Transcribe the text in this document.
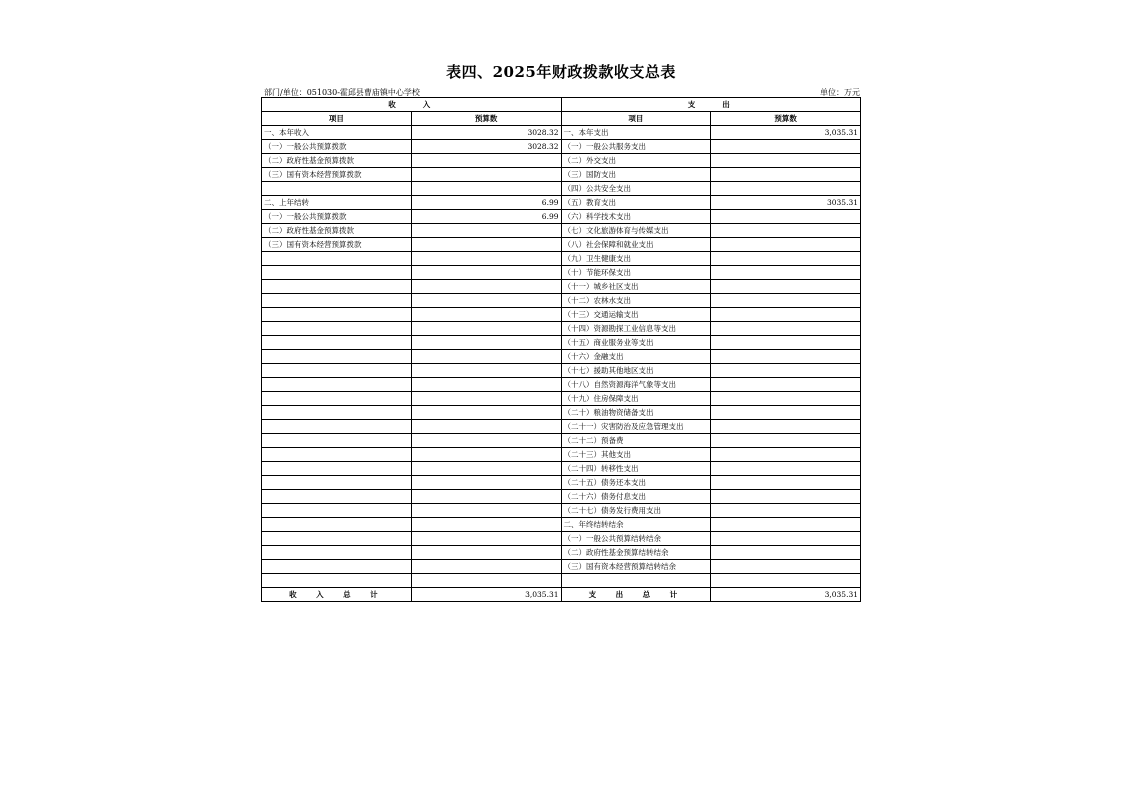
表四、2025年财政拨款收支总表
部门/单位：051030-霍邱县曹庙镇中心学校	单位：万元
收　　入		支　　出	
项目	预算数	项目	预算数
一、本年收入	3028.32	一、本年支出	3,035.31
（一）一般公共预算拨款	3028.32	（一）一般公共服务支出	
（二）政府性基金预算拨款		（二）外交支出	
（三）国有资本经营预算拨款		（三）国防支出	
		（四）公共安全支出	
二、上年结转	6.99	（五）教育支出	3035.31
（一）一般公共预算拨款	6.99	（六）科学技术支出	
（二）政府性基金预算拨款		（七）文化旅游体育与传媒支出	
（三）国有资本经营预算拨款		（八）社会保障和就业支出	
		（九）卫生健康支出	
		（十）节能环保支出	
		（十一）城乡社区支出	
		（十二）农林水支出	
		（十三）交通运输支出	
		（十四）资源勘探工业信息等支出	
		（十五）商业服务业等支出	
		（十六）金融支出	
		（十七）援助其他地区支出	
		（十八）自然资源海洋气象等支出	
		（十九）住房保障支出	
		（二十）粮油物资储备支出	
		（二十一）灾害防治及应急管理支出	
		（二十二）预备费	
		（二十三）其他支出	
		（二十四）转移性支出	
		（二十五）债务还本支出	
		（二十六）债务付息支出	
		（二十七）债务发行费用支出	
		二、年终结转结余	
		（一）一般公共预算结转结余	
		（二）政府性基金预算结转结余	
		（三）国有资本经营预算结转结余	

收　入　总　计	3,035.31	支　出　总　计	3,035.31
